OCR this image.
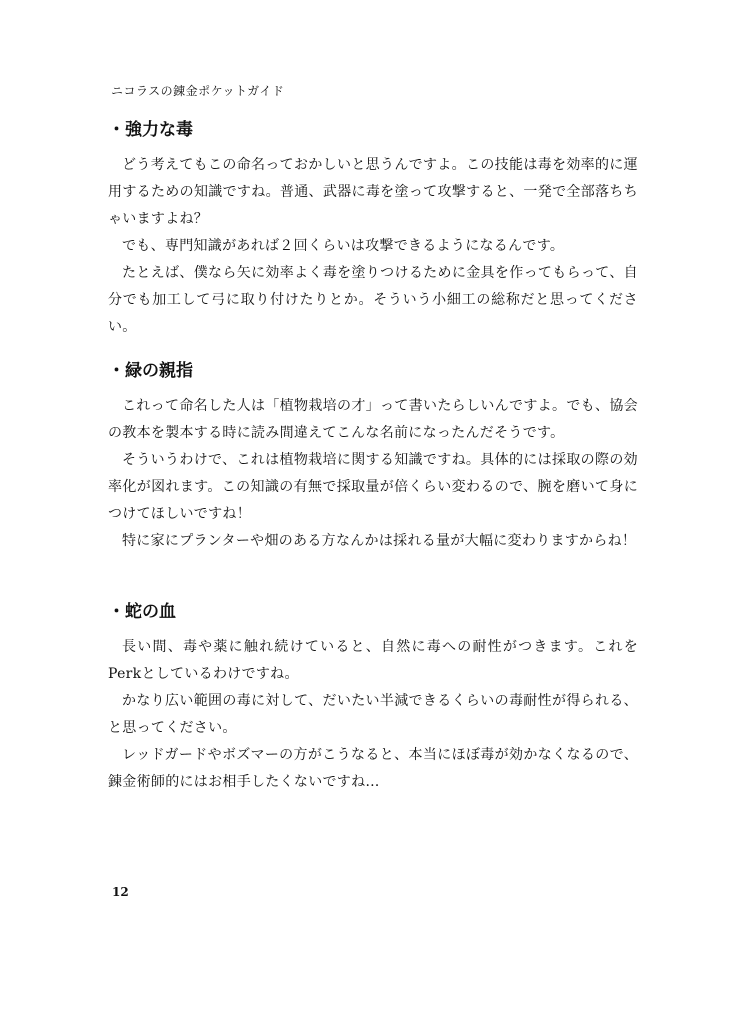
ニコラスの錬金ポケットガイド
・強力な毒

どう考えてもこの命名っておかしいと思うんですよ。この技能は毒を効率的に運用するための知識ですね。普通、武器に毒を塗って攻撃すると、一発で全部落ちちゃいますよね？

でも、専門知識があれば２回くらいは攻撃できるようになるんです。

たとえば、僕なら矢に効率よく毒を塗りつけるために金具を作ってもらって、自分でも加工して弓に取り付けたりとか。そういう小細工の総称だと思ってください。

・緑の親指

これって命名した人は「植物栽培の才」って書いたらしいんですよ。でも、協会の教本を製本する時に読み間違えてこんな名前になったんだそうです。

そういうわけで、これは植物栽培に関する知識ですね。具体的には採取の際の効率化が図れます。この知識の有無で採取量が倍くらい変わるので、腕を磨いて身につけてほしいですね！

特に家にプランターや畑のある方なんかは採れる量が大幅に変わりますからね！

・蛇の血

長い間、毒や薬に触れ続けていると、自然に毒への耐性がつきます。これをPerkとしているわけですね。

かなり広い範囲の毒に対して、だいたい半減できるくらいの毒耐性が得られる、と思ってください。

レッドガードやボズマーの方がこうなると、本当にほぼ毒が効かなくなるので、錬金術師的にはお相手したくないですね…

12
